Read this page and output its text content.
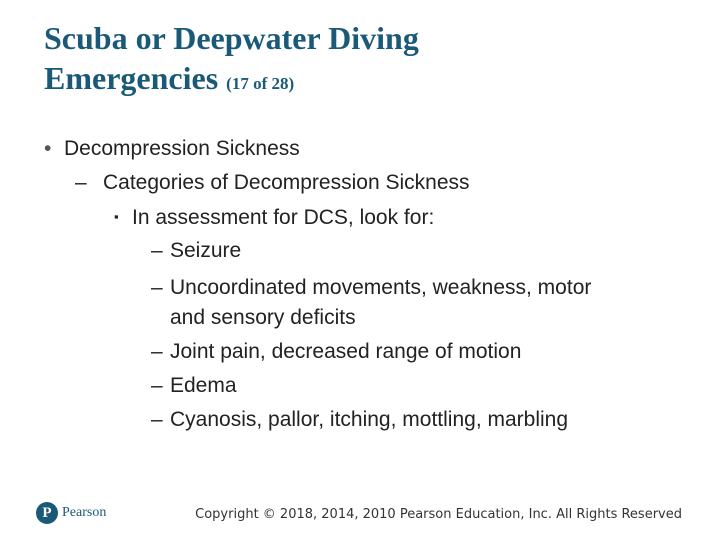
Scuba or Deepwater Diving
Emergencies (17 of 28)
• Decompression Sickness
– Categories of Decompression Sickness
▪ In assessment for DCS, look for:
– Seizure
– Uncoordinated movements, weakness, motor
and sensory deficits
– Joint pain, decreased range of motion
– Edema
– Cyanosis, pallor, itching, mottling, marbling
P Pearson	Copyright © 2018, 2014, 2010 Pearson Education, Inc. All Rights Reserved
